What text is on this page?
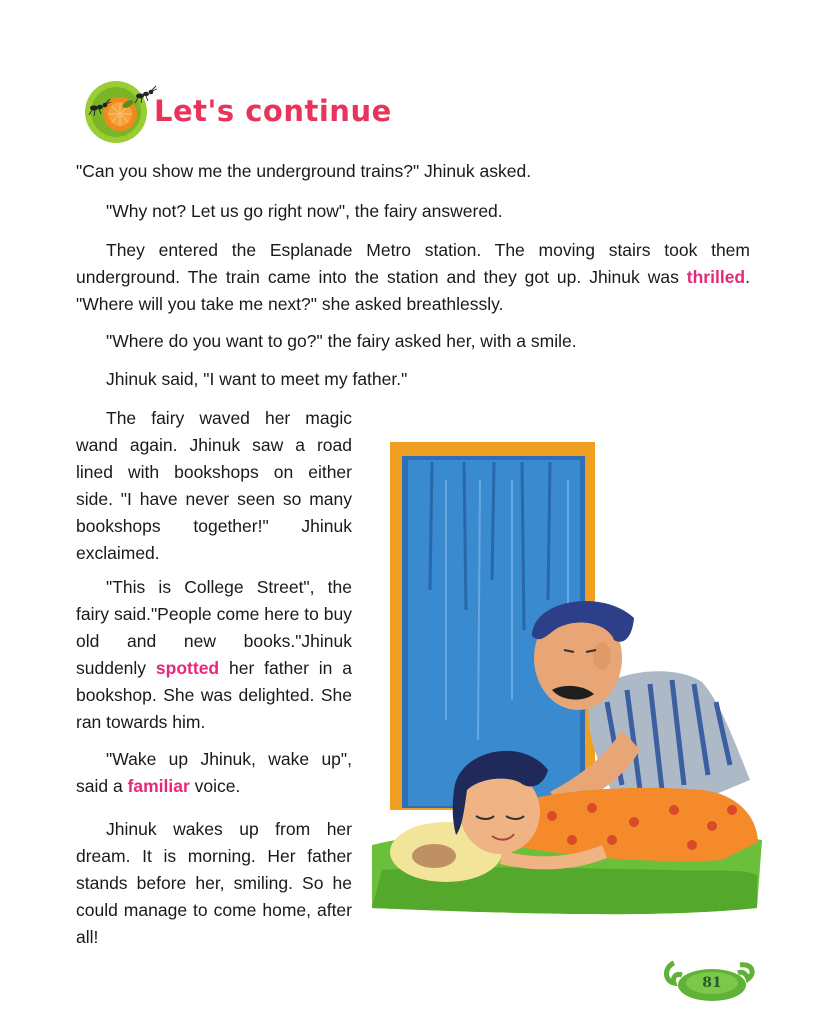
Let's continue

"Can you show me the underground trains?" Jhinuk asked.

"Why not? Let us go right now", the fairy answered.

They entered the Esplanade Metro station. The moving stairs took them underground. The train came into the station and they got up. Jhinuk was thrilled. "Where will you take me next?" she asked breathlessly.

"Where do you want to go?" the fairy asked her, with a smile.

Jhinuk said, "I want to meet my father."

The fairy waved her magic wand again. Jhinuk saw a road lined with bookshops on either side. "I have never seen so many bookshops together!" Jhinuk exclaimed.

"This is College Street", the fairy said."People come here to buy old and new books."Jhinuk suddenly spotted her father in a bookshop. She was delighted. She ran towards him.

"Wake up Jhinuk, wake up", said a familiar voice.

Jhinuk wakes up from her dream. It is morning. Her father stands before her, smiling. So he could manage to come home, after all!

81
